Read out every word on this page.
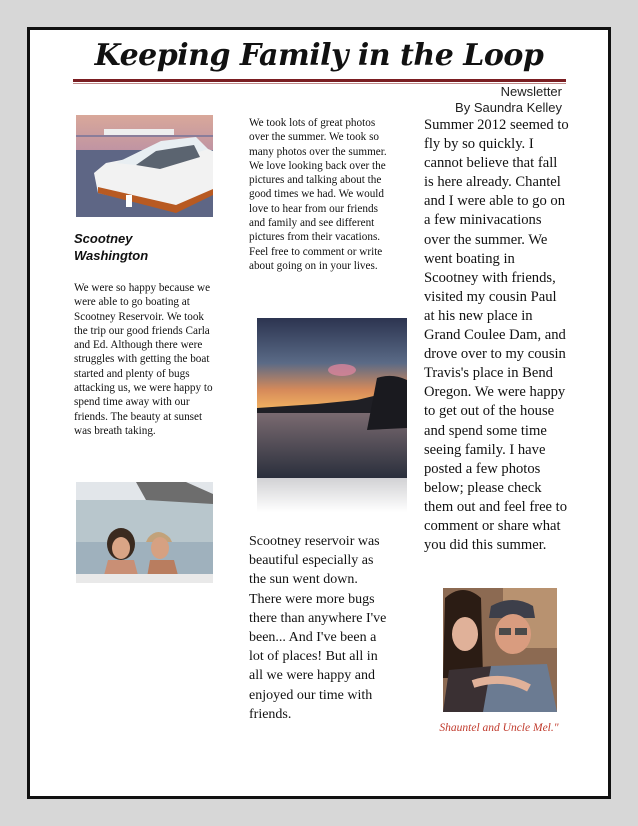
Keeping Family in the Loop
Newsletter
By Saundra Kelley
Scootney
Washington
We were so happy because we were able to go boating at Scootney Reservoir. We took the trip our good friends Carla and Ed. Although there were struggles with getting the boat started and plenty of bugs attacking us, we were happy to spend time away with our friends. The beauty at sunset was breath taking.
We took lots of great photos over the summer. We took so many photos over the summer. We love looking back over the pictures and talking about the good times we had. We would love to hear from our friends and family and see different pictures from their vacations. Feel free to comment or write about going on in your lives.
Scootney reservoir was beautiful especially as the sun went down. There were more bugs there than anywhere I've been... And I've been a lot of places! But all in all we were happy and enjoyed our time with friends.
Summer 2012 seemed to fly by so quickly. I cannot believe that fall is here already. Chantel and I were able to go on a few minivacations over the summer. We went boating in Scootney with friends, visited my cousin Paul at his new place in Grand Coulee Dam, and drove over to my cousin Travis's place in Bend Oregon. We were happy to get out of the house and spend some time seeing family. I have posted a few photos below; please check them out and feel free to comment or share what you did this summer.
Shauntel and Uncle Mel."
